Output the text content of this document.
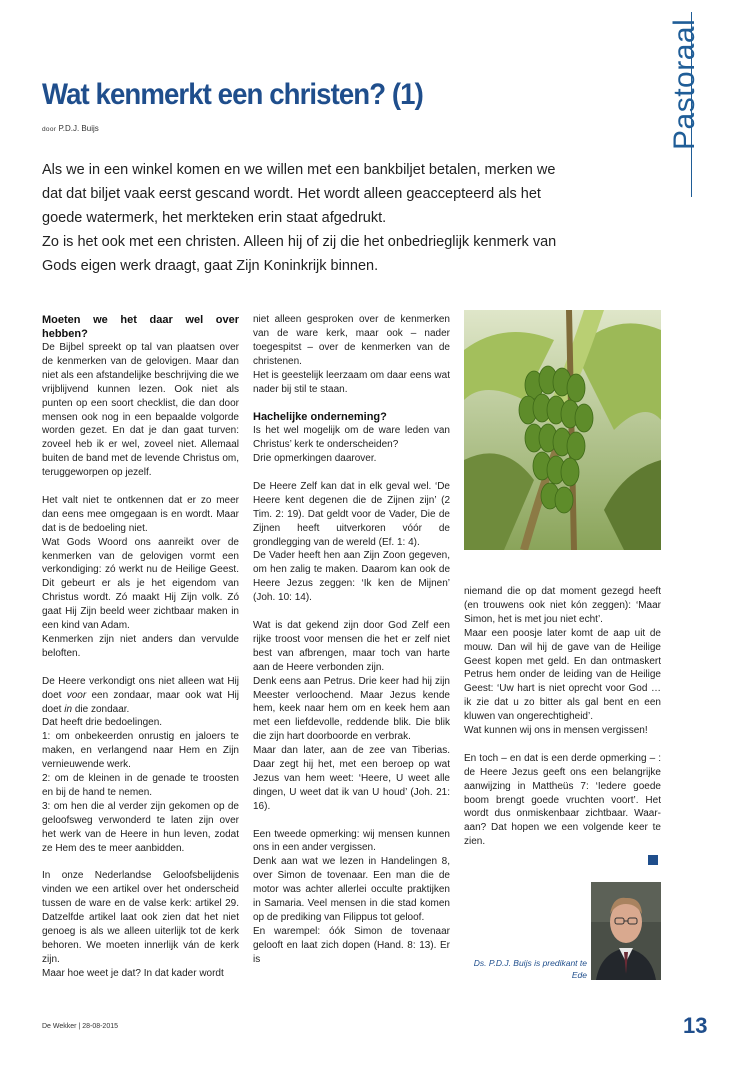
Pastoraal
Wat kenmerkt een christen? (1)
door P.D.J. Buijs

Als we in een winkel komen en we willen met een bankbiljet betalen, merken we dat dat biljet vaak eerst gescand wordt. Het wordt alleen geaccepteerd als het goede watermerk, het merkteken erin staat afgedrukt.

Zo is het ook met een christen. Alleen hij of zij die het onbedrieglijk kenmerk van Gods eigen werk draagt, gaat Zijn Koninkrijk binnen.

Moeten we het daar wel over hebben?

De Bijbel spreekt op tal van plaatsen over de kenmerken van de gelovigen. Maar dan niet als een afstandelijke beschrijving die we vrijblijvend kunnen lezen. Ook niet als punten op een soort checklist, die dan door mensen ook nog in een bepaalde volgorde worden gezet. En dat je dan gaat turven: zoveel heb ik er wel, zoveel niet. Allemaal buiten de band met de levende Christus om, teruggeworpen op jezelf.

Het valt niet te ontkennen dat er zo meer dan eens mee omgegaan is en wordt. Maar dat is de bedoeling niet.

Wat Gods Woord ons aanreikt over de kenmerken van de gelovigen vormt een verkondiging: zó werkt nu de Heilige Geest. Dit gebeurt er als je het eigendom van Christus wordt. Zó maakt Hij Zijn volk. Zó gaat Hij Zijn beeld weer zichtbaar maken in een kind van Adam.

Kenmerken zijn niet anders dan vervulde beloften.

De Heere verkondigt ons niet alleen wat Hij doet voor een zondaar, maar ook wat Hij doet in die zondaar.

Dat heeft drie bedoelingen.

1: om onbekeerden onrustig en jaloers te maken, en verlangend naar Hem en Zijn vernieuwende werk.

2: om de kleinen in de genade te troosten en bij de hand te nemen.

3: om hen die al verder zijn gekomen op de geloofsweg verwonderd te laten zijn over het werk van de Heere in hun leven, zodat ze Hem des te meer aanbidden.

In onze Nederlandse Geloofsbelijdenis vinden we een artikel over het onderscheid tussen de ware en de valse kerk: artikel 29. Datzelfde artikel laat ook zien dat het niet genoeg is als we alleen uiterlijk tot de kerk behoren. We moeten innerlijk ván de kerk zijn.

Maar hoe weet je dat? In dat kader wordt

niet alleen gesproken over de kenmerken van de ware kerk, maar ook – nader toegespitst – over de kenmerken van de christenen.

Het is geestelijk leerzaam om daar eens wat nader bij stil te staan.

Hachelijke onderneming?

Is het wel mogelijk om de ware leden van Christus’ kerk te onderscheiden?

Drie opmerkingen daarover.

De Heere Zelf kan dat in elk geval wel. ‘De Heere kent degenen die de Zijnen zijn’ (2 Tim. 2: 19). Dat geldt voor de Vader, Die de Zijnen heeft uitverkoren vóór de grondlegging van de wereld (Ef. 1: 4).

De Vader heeft hen aan Zijn Zoon gegeven, om hen zalig te maken. Daarom kan ook de Heere Jezus zeggen: ‘Ik ken de Mijnen’ (Joh. 10: 14).

Wat is dat gekend zijn door God Zelf een rijke troost voor mensen die het er zelf niet best van afbrengen, maar toch van harte aan de Heere verbonden zijn.

Denk eens aan Petrus. Drie keer had hij zijn Meester verloochend. Maar Jezus kende hem, keek naar hem om en keek hem aan met een liefdevolle, reddende blik. Die blik die zijn hart doorboorde en verbrak.

Maar dan later, aan de zee van Tiberias. Daar zegt hij het, met een beroep op wat Jezus van hem weet: ‘Heere, U weet alle dingen, U weet dat ik van U houd’ (Joh. 21: 16).

Een tweede opmerking: wij mensen kunnen ons in een ander vergissen.

Denk aan wat we lezen in Handelingen 8, over Simon de tovenaar. Een man die de motor was achter allerlei occulte praktijken in Samaria. Veel mensen in die stad komen op de prediking van Filippus tot geloof.

En warempel: óók Simon de tovenaar gelooft en laat zich dopen (Hand. 8: 13). Er is

niemand die op dat moment gezegd heeft (en trouwens ook niet kón zeggen): ‘Maar Simon, het is met jou niet echt’.

Maar een poosje later komt de aap uit de mouw. Dan wil hij de gave van de Heilige Geest kopen met geld. En dan ontmaskert Petrus hem onder de leiding van de Heilige Geest: ‘Uw hart is niet oprecht voor God … ik zie dat u zo bitter als gal bent en een kluwen van ongerechtigheid’.

Wat kunnen wij ons in mensen vergissen!

En toch – en dat is een derde opmerking – : de Heere Jezus geeft ons een belangrijke aanwijzing in Mattheüs 7: ‘Iedere goede boom brengt goede vruchten voort’. Het wordt dus onmiskenbaar zichtbaar. Waar-aan? Dat hopen we een volgende keer te zien.

Ds. P.D.J. Buijs is predikant te Ede
De Wekker | 28-08-2015	13
